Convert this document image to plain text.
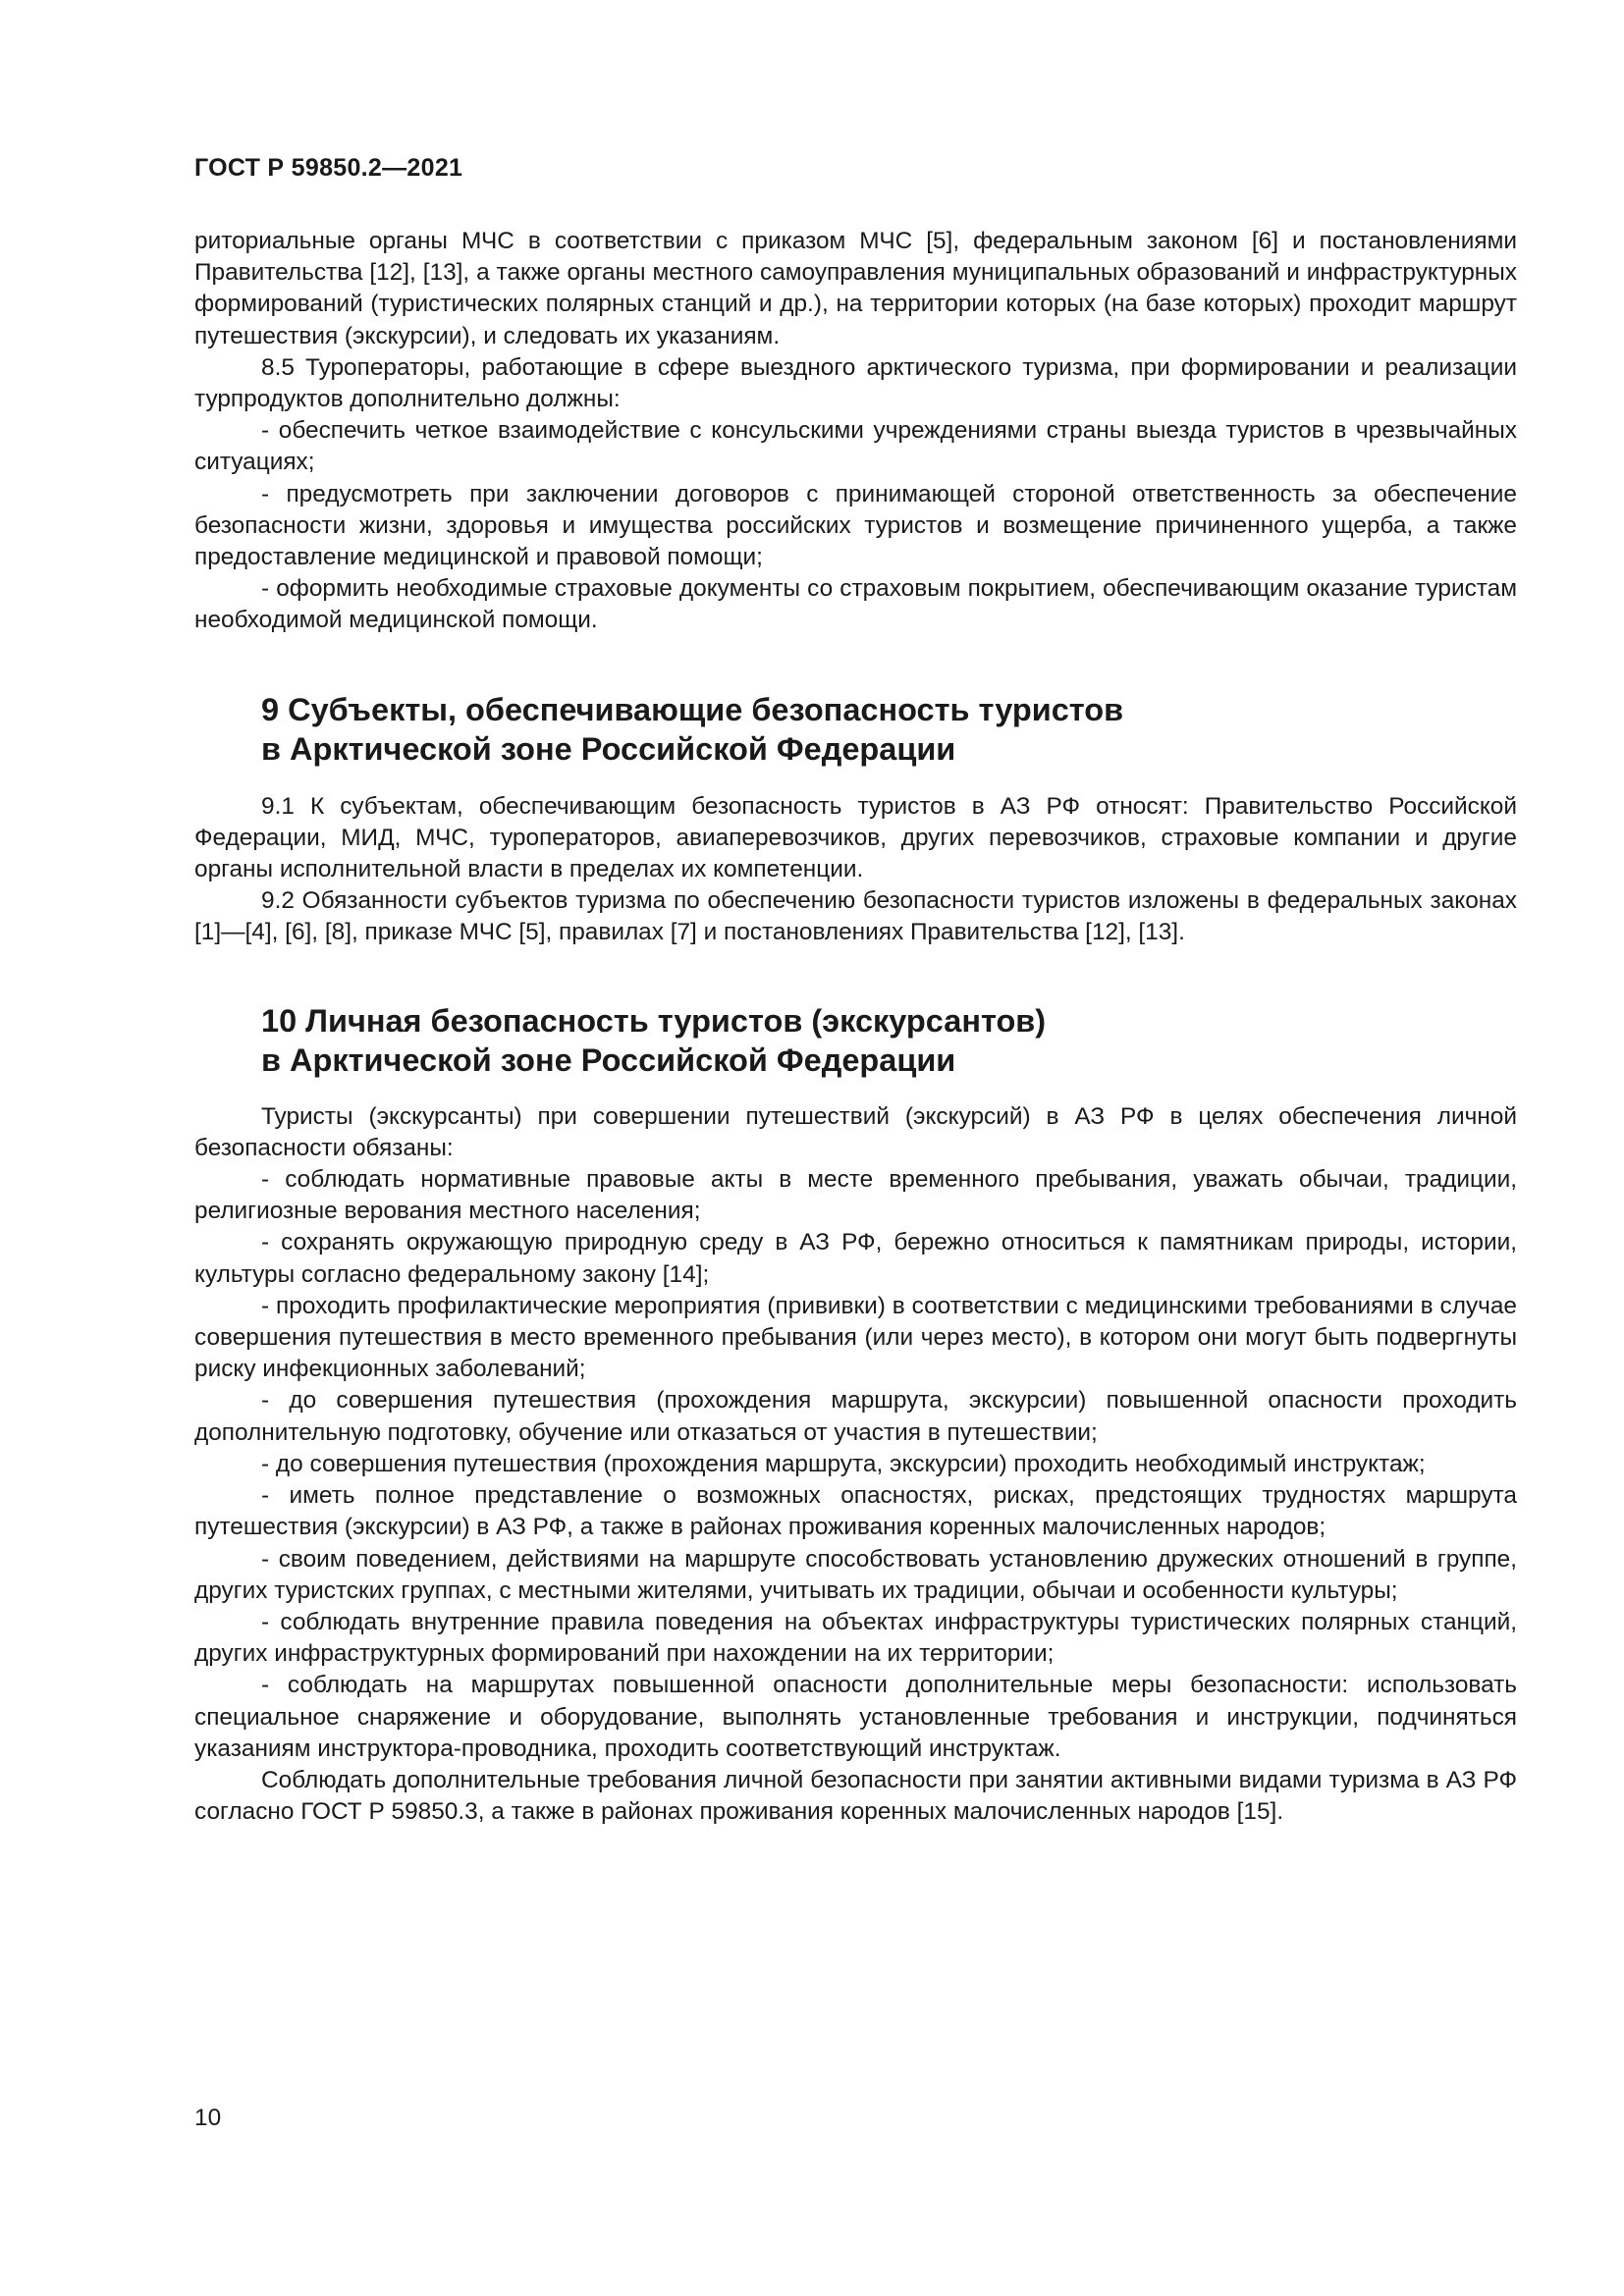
ГОСТ Р 59850.2—2021

риториальные органы МЧС в соответствии с приказом МЧС [5], федеральным законом [6] и постановлениями Правительства [12], [13], а также органы местного самоуправления муниципальных образований и инфраструктурных формирований (туристических полярных станций и др.), на территории которых (на базе которых) проходит маршрут путешествия (экскурсии), и следовать их указаниям.

8.5 Туроператоры, работающие в сфере выездного арктического туризма, при формировании и реализации турпродуктов дополнительно должны:

- обеспечить четкое взаимодействие с консульскими учреждениями страны выезда туристов в чрезвычайных ситуациях;

- предусмотреть при заключении договоров с принимающей стороной ответственность за обеспечение безопасности жизни, здоровья и имущества российских туристов и возмещение причиненного ущерба, а также предоставление медицинской и правовой помощи;

- оформить необходимые страховые документы со страховым покрытием, обеспечивающим оказание туристам необходимой медицинской помощи.

9 Субъекты, обеспечивающие безопасность туристов
в Арктической зоне Российской Федерации

9.1 К субъектам, обеспечивающим безопасность туристов в АЗ РФ относят: Правительство Российской Федерации, МИД, МЧС, туроператоров, авиаперевозчиков, других перевозчиков, страховые компании и другие органы исполнительной власти в пределах их компетенции.

9.2 Обязанности субъектов туризма по обеспечению безопасности туристов изложены в федеральных законах [1]—[4], [6], [8], приказе МЧС [5], правилах [7] и постановлениях Правительства [12], [13].

10 Личная безопасность туристов (экскурсантов)
в Арктической зоне Российской Федерации

Туристы (экскурсанты) при совершении путешествий (экскурсий) в АЗ РФ в целях обеспечения личной безопасности обязаны:

- соблюдать нормативные правовые акты в месте временного пребывания, уважать обычаи, традиции, религиозные верования местного населения;

- сохранять окружающую природную среду в АЗ РФ, бережно относиться к памятникам природы, истории, культуры согласно федеральному закону [14];

- проходить профилактические мероприятия (прививки) в соответствии с медицинскими требованиями в случае совершения путешествия в место временного пребывания (или через место), в котором они могут быть подвергнуты риску инфекционных заболеваний;

- до совершения путешествия (прохождения маршрута, экскурсии) повышенной опасности проходить дополнительную подготовку, обучение или отказаться от участия в путешествии;

- до совершения путешествия (прохождения маршрута, экскурсии) проходить необходимый инструктаж;

- иметь полное представление о возможных опасностях, рисках, предстоящих трудностях маршрута путешествия (экскурсии) в АЗ РФ, а также в районах проживания коренных малочисленных народов;

- своим поведением, действиями на маршруте способствовать установлению дружеских отношений в группе, других туристских группах, с местными жителями, учитывать их традиции, обычаи и особенности культуры;

- соблюдать внутренние правила поведения на объектах инфраструктуры туристических полярных станций, других инфраструктурных формирований при нахождении на их территории;

- соблюдать на маршрутах повышенной опасности дополнительные меры безопасности: использовать специальное снаряжение и оборудование, выполнять установленные требования и инструкции, подчиняться указаниям инструктора-проводника, проходить соответствующий инструктаж.

Соблюдать дополнительные требования личной безопасности при занятии активными видами туризма в АЗ РФ согласно ГОСТ Р 59850.3, а также в районах проживания коренных малочисленных народов [15].

10
